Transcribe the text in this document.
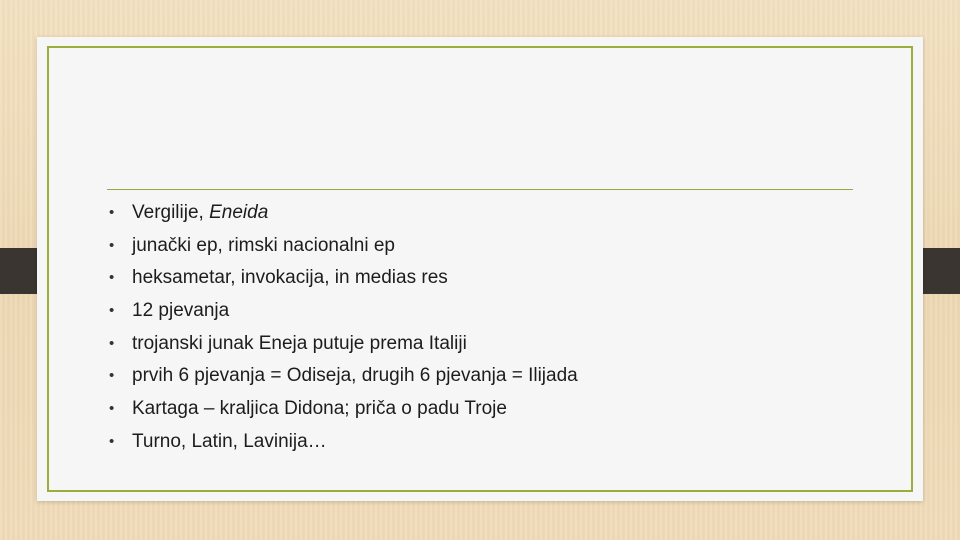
• Vergilije, Eneida
• junački ep, rimski nacionalni ep
• heksametar, invokacija, in medias res
• 12 pjevanja
• trojanski junak Eneja putuje prema Italiji
• prvih 6 pjevanja = Odiseja, drugih 6 pjevanja = Ilijada
• Kartaga – kraljica Didona; priča o padu Troje
• Turno, Latin, Lavinija…
